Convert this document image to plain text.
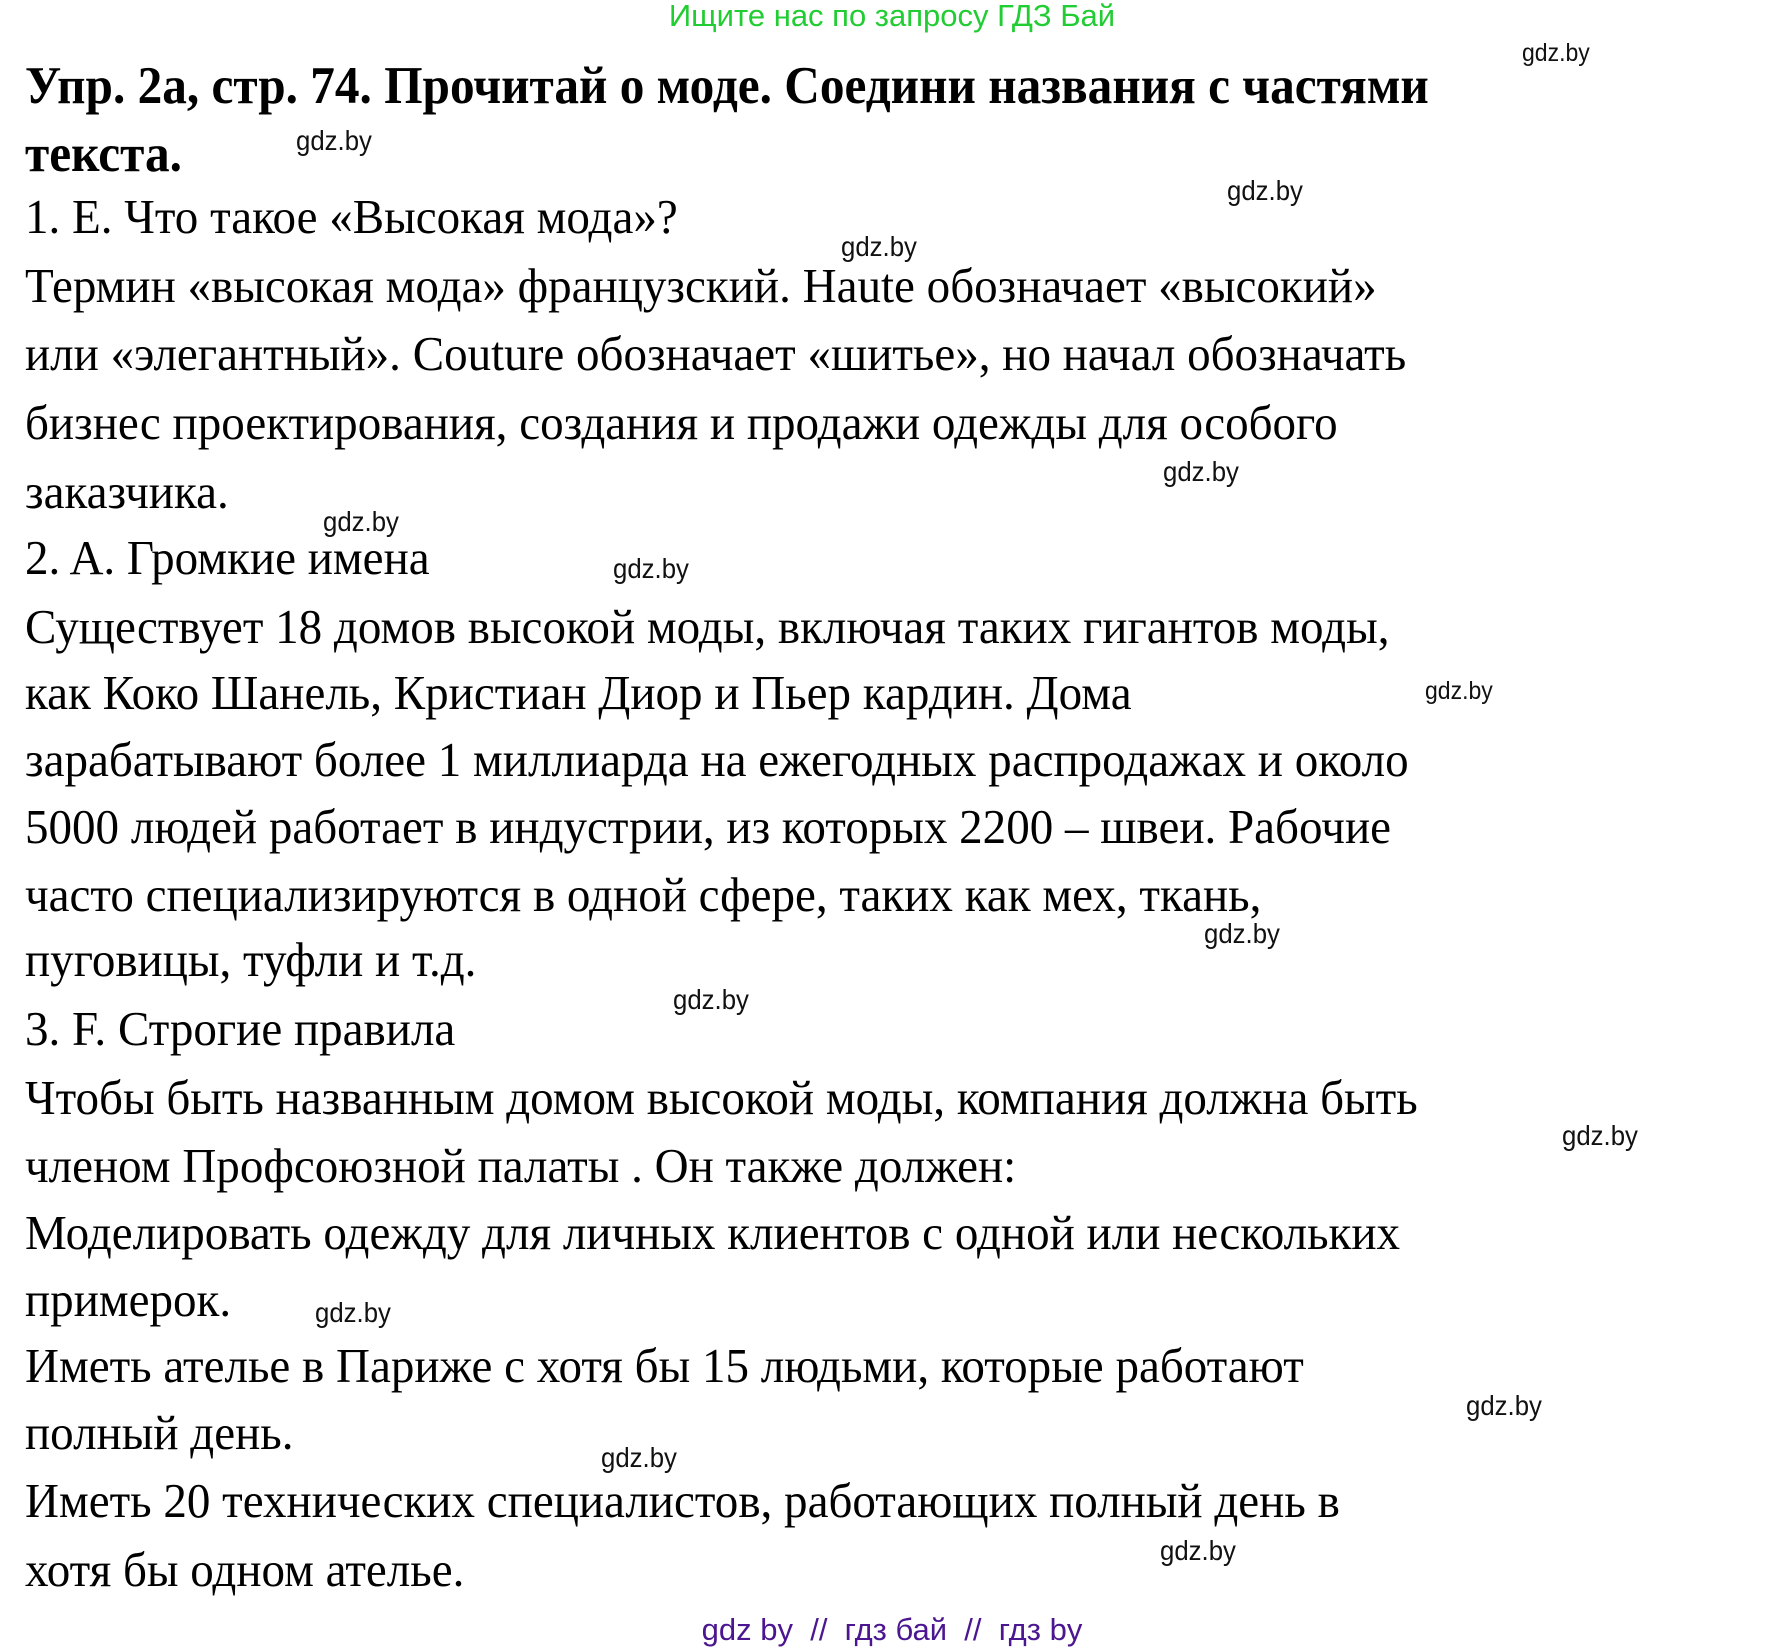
Ищите нас по запросу ГДЗ Бай
Упр. 2а, стр. 74. Прочитай о моде. Соедини названия с частями
текста.
1. E. Что такое «Высокая мода»?
Термин «высокая мода» французский. Haute обозначает «высокий»
или «элегантный». Couture обозначает «шитье», но начал обозначать
бизнес проектирования, создания и продажи одежды для особого
заказчика.
2. A. Громкие имена
Существует 18 домов высокой моды, включая таких гигантов моды,
как Коко Шанель, Кристиан Диор и Пьер кардин. Дома
зарабатывают более 1 миллиарда на ежегодных распродажах и около
5000 людей работает в индустрии, из которых 2200 – швеи. Рабочие
часто специализируются в одной сфере, таких как мех, ткань,
пуговицы, туфли и т.д.
3. F. Строгие правила
Чтобы быть названным домом высокой моды, компания должна быть
членом Профсоюзной палаты . Он также должен:
Моделировать одежду для личных клиентов с одной или нескольких
примерок.
Иметь ателье в Париже с хотя бы 15 людьми, которые работают
полный день.
Иметь 20 технических специалистов, работающих полный день в
хотя бы одном ателье.
gdz.by
gdz.by
gdz.by
gdz.by
gdz.by
gdz.by
gdz.by
gdz.by
gdz.by
gdz.by
gdz.by
gdz.by
gdz.by
gdz.by
gdz.by
gdz by  //  гдз бай  //  гдз by
